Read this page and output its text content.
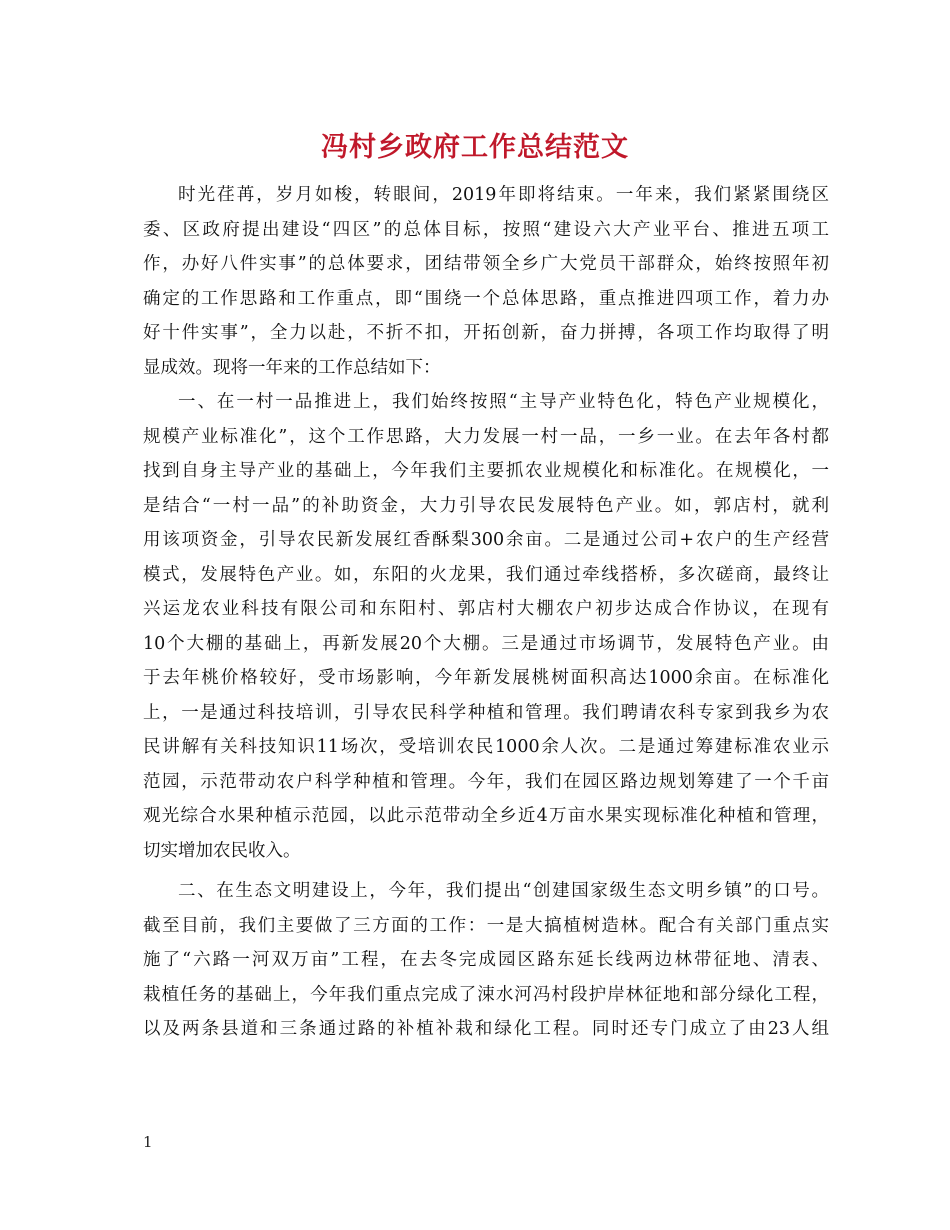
冯村乡政府工作总结范文
时光荏苒，岁月如梭，转眼间，2019年即将结束。一年来，我们紧紧围绕区
委、区政府提出建设“四区”的总体目标，按照“建设六大产业平台、推进五项工
作，办好八件实事”的总体要求，团结带领全乡广大党员干部群众，始终按照年初
确定的工作思路和工作重点，即“围绕一个总体思路，重点推进四项工作，着力办
好十件实事”，全力以赴，不折不扣，开拓创新，奋力拼搏，各项工作均取得了明
显成效。现将一年来的工作总结如下：
一、在一村一品推进上，我们始终按照“主导产业特色化，特色产业规模化，
规模产业标准化”，这个工作思路，大力发展一村一品，一乡一业。在去年各村都
找到自身主导产业的基础上，今年我们主要抓农业规模化和标准化。在规模化，一
是结合“一村一品”的补助资金，大力引导农民发展特色产业。如，郭店村，就利
用该项资金，引导农民新发展红香酥梨300余亩。二是通过公司+农户的生产经营
模式，发展特色产业。如，东阳的火龙果，我们通过牵线搭桥，多次磋商，最终让
兴运龙农业科技有限公司和东阳村、郭店村大棚农户初步达成合作协议，在现有
10个大棚的基础上，再新发展20个大棚。三是通过市场调节，发展特色产业。由
于去年桃价格较好，受市场影响，今年新发展桃树面积高达1000余亩。在标准化
上，一是通过科技培训，引导农民科学种植和管理。我们聘请农科专家到我乡为农
民讲解有关科技知识11场次，受培训农民1000余人次。二是通过筹建标准农业示
范园，示范带动农户科学种植和管理。今年，我们在园区路边规划筹建了一个千亩
观光综合水果种植示范园，以此示范带动全乡近4万亩水果实现标准化种植和管理，
切实增加农民收入。
二、在生态文明建设上，今年，我们提出“创建国家级生态文明乡镇”的口号。
截至目前，我们主要做了三方面的工作：一是大搞植树造林。配合有关部门重点实
施了“六路一河双万亩”工程，在去冬完成园区路东延长线两边林带征地、清表、
栽植任务的基础上，今年我们重点完成了涑水河冯村段护岸林征地和部分绿化工程，
以及两条县道和三条通过路的补植补栽和绿化工程。同时还专门成立了由23人组
1
